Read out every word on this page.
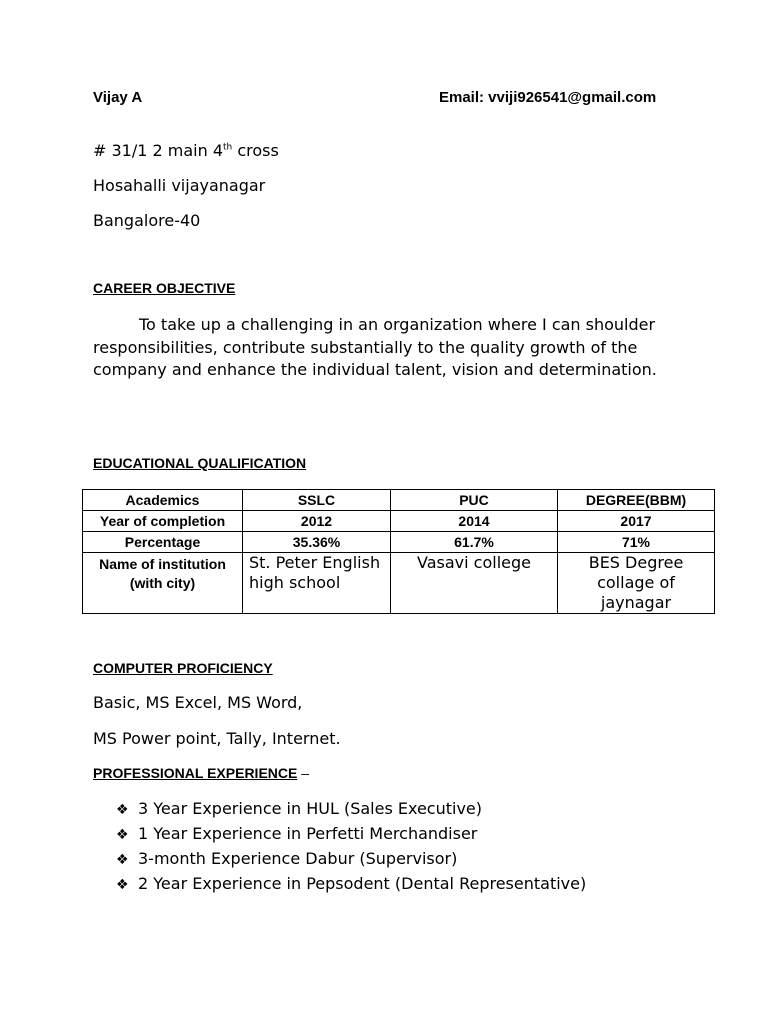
Vijay A	Email: vviji926541@gmail.com
# 31/1 2 main 4th cross
Hosahalli vijayanagar
Bangalore-40
CAREER OBJECTIVE
To take up a challenging in an organization where I can shoulder responsibilities, contribute substantially to the quality growth of the company and enhance the individual talent, vision and determination.
EDUCATIONAL QUALIFICATION
Academics	SSLC	PUC	DEGREE(BBM)
Year of completion	2012	2014	2017
Percentage	35.36%	61.7%	71%
Name of institution (with city)	St. Peter English high school	Vasavi college	BES Degree collage of jaynagar
COMPUTER PROFICIENCY
Basic, MS Excel, MS Word,
MS Power point, Tally, Internet.
PROFESSIONAL EXPERIENCE –
❖ 3 Year Experience in HUL (Sales Executive)
❖ 1 Year Experience in Perfetti Merchandiser
❖ 3-month Experience Dabur (Supervisor)
❖ 2 Year Experience in Pepsodent (Dental Representative)
